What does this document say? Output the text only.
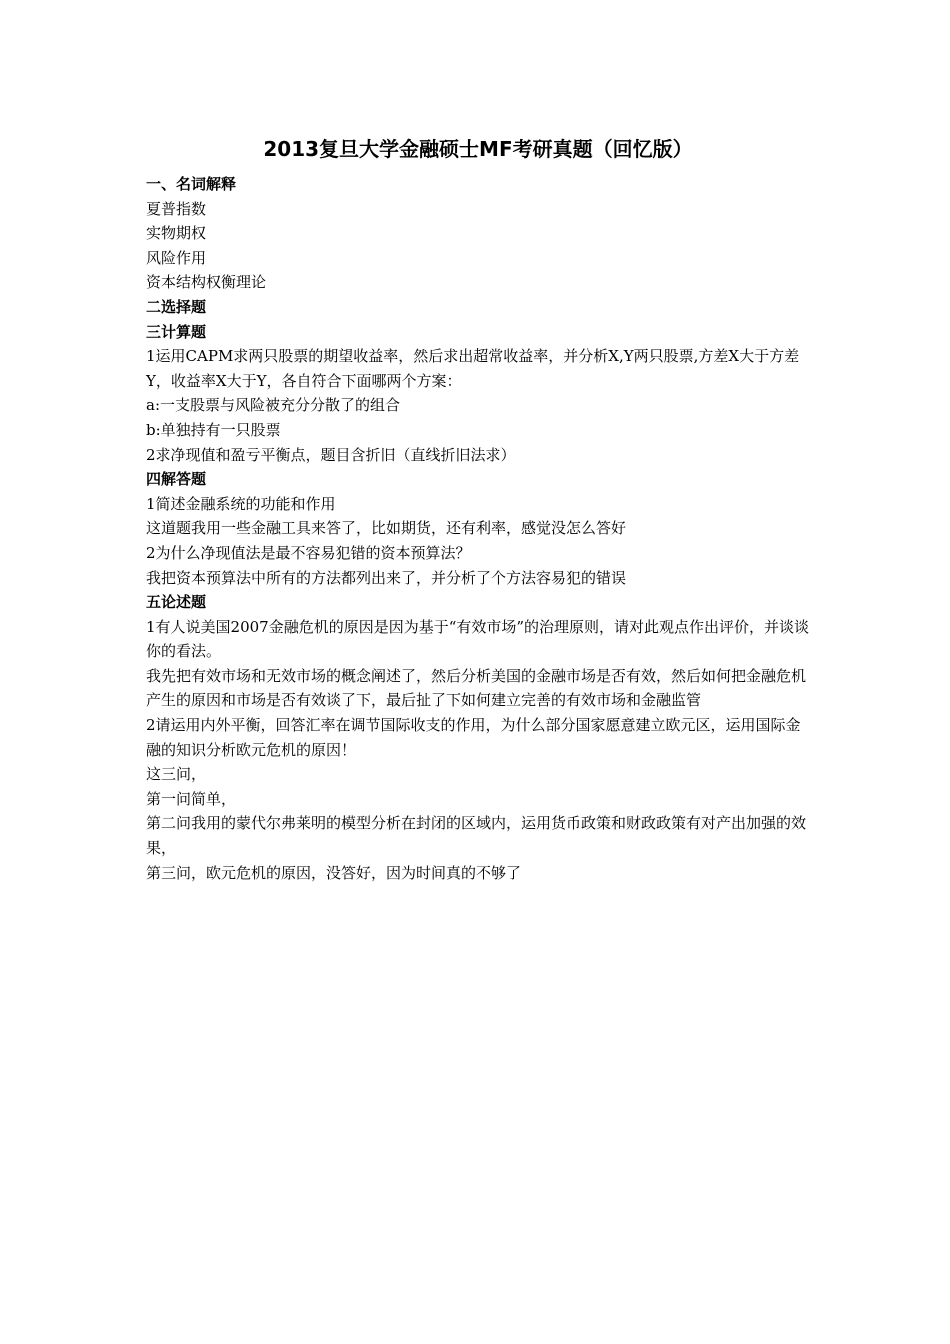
2013复旦大学金融硕士MF考研真题（回忆版）

一、名词解释

夏普指数

实物期权

风险作用

资本结构权衡理论

二选择题

三计算题

1运用CAPM求两只股票的期望收益率，然后求出超常收益率，并分析X,Y两只股票,方差X大于方差Y，收益率X大于Y，各自符合下面哪两个方案：

a:一支股票与风险被充分分散了的组合

b:单独持有一只股票

2求净现值和盈亏平衡点，题目含折旧（直线折旧法求）

四解答题

1简述金融系统的功能和作用

这道题我用一些金融工具来答了，比如期货，还有利率，感觉没怎么答好

2为什么净现值法是最不容易犯错的资本预算法？

我把资本预算法中所有的方法都列出来了，并分析了个方法容易犯的错误

五论述题

1有人说美国2007金融危机的原因是因为基于“有效市场”的治理原则，请对此观点作出评价，并谈谈你的看法。

我先把有效市场和无效市场的概念阐述了，然后分析美国的金融市场是否有效，然后如何把金融危机产生的原因和市场是否有效谈了下，最后扯了下如何建立完善的有效市场和金融监管

2请运用内外平衡，回答汇率在调节国际收支的作用，为什么部分国家愿意建立欧元区，运用国际金融的知识分析欧元危机的原因！

这三问，

第一问简单，

第二问我用的蒙代尔弗莱明的模型分析在封闭的区域内，运用货币政策和财政政策有对产出加强的效果，

第三问，欧元危机的原因，没答好，因为时间真的不够了
